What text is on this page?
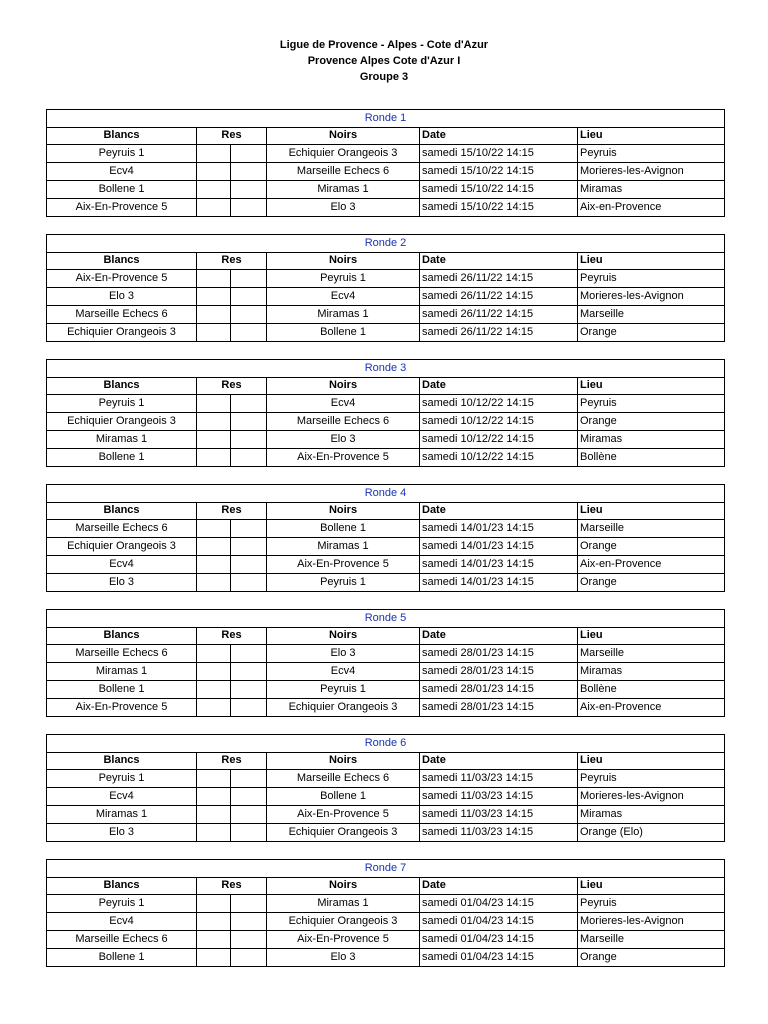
Ligue de Provence - Alpes - Cote d'Azur
Provence Alpes Cote d'Azur I
Groupe 3
Ronde 1				
Blancs	Res	Noirs	Date	Lieu
Peyruis 1		Echiquier Orangeois 3	samedi 15/10/22 14:15	Peyruis
Ecv4		Marseille Echecs 6	samedi 15/10/22 14:15	Morieres-les-Avignon
Bollene 1		Miramas 1	samedi 15/10/22 14:15	Miramas
Aix-En-Provence 5		Elo 3	samedi 15/10/22 14:15	Aix-en-Provence
Ronde 2				
Blancs	Res	Noirs	Date	Lieu
Aix-En-Provence 5		Peyruis 1	samedi 26/11/22 14:15	Peyruis
Elo 3		Ecv4	samedi 26/11/22 14:15	Morieres-les-Avignon
Marseille Echecs 6		Miramas 1	samedi 26/11/22 14:15	Marseille
Echiquier Orangeois 3		Bollene 1	samedi 26/11/22 14:15	Orange
Ronde 3				
Blancs	Res	Noirs	Date	Lieu
Peyruis 1		Ecv4	samedi 10/12/22 14:15	Peyruis
Echiquier Orangeois 3		Marseille Echecs 6	samedi 10/12/22 14:15	Orange
Miramas 1		Elo 3	samedi 10/12/22 14:15	Miramas
Bollene 1		Aix-En-Provence 5	samedi 10/12/22 14:15	Bollène
Ronde 4				
Blancs	Res	Noirs	Date	Lieu
Marseille Echecs 6		Bollene 1	samedi 14/01/23 14:15	Marseille
Echiquier Orangeois 3		Miramas 1	samedi 14/01/23 14:15	Orange
Ecv4		Aix-En-Provence 5	samedi 14/01/23 14:15	Aix-en-Provence
Elo 3		Peyruis 1	samedi 14/01/23 14:15	Orange
Ronde 5				
Blancs	Res	Noirs	Date	Lieu
Marseille Echecs 6		Elo 3	samedi 28/01/23 14:15	Marseille
Miramas 1		Ecv4	samedi 28/01/23 14:15	Miramas
Bollene 1		Peyruis 1	samedi 28/01/23 14:15	Bollène
Aix-En-Provence 5		Echiquier Orangeois 3	samedi 28/01/23 14:15	Aix-en-Provence
Ronde 6				
Blancs	Res	Noirs	Date	Lieu
Peyruis 1		Marseille Echecs 6	samedi 11/03/23 14:15	Peyruis
Ecv4		Bollene 1	samedi 11/03/23 14:15	Morieres-les-Avignon
Miramas 1		Aix-En-Provence 5	samedi 11/03/23 14:15	Miramas
Elo 3		Echiquier Orangeois 3	samedi 11/03/23 14:15	Orange (Elo)
Ronde 7				
Blancs	Res	Noirs	Date	Lieu
Peyruis 1		Miramas 1	samedi 01/04/23 14:15	Peyruis
Ecv4		Echiquier Orangeois 3	samedi 01/04/23 14:15	Morieres-les-Avignon
Marseille Echecs 6		Aix-En-Provence 5	samedi 01/04/23 14:15	Marseille
Bollene 1		Elo 3	samedi 01/04/23 14:15	Orange
